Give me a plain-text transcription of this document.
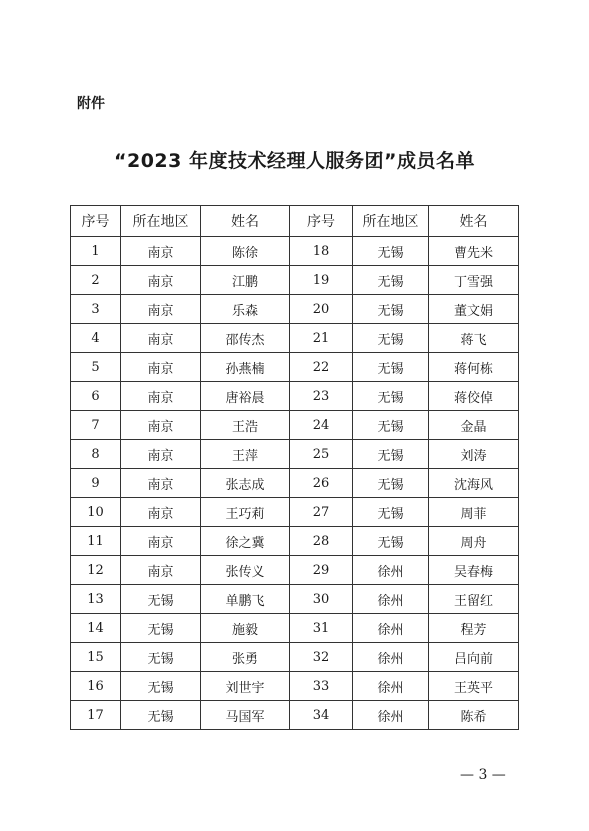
附件
“2023 年度技术经理人服务团”成员名单
序号	所在地区	姓名	序号	所在地区	姓名
1	南京	陈徐	18	无锡	曹先米
2	南京	江鹏	19	无锡	丁雪强
3	南京	乐森	20	无锡	董文娟
4	南京	邵传杰	21	无锡	蒋飞
5	南京	孙燕楠	22	无锡	蒋何栋
6	南京	唐裕晨	23	无锡	蒋佼倬
7	南京	王浩	24	无锡	金晶
8	南京	王萍	25	无锡	刘涛
9	南京	张志成	26	无锡	沈海风
10	南京	王巧莉	27	无锡	周菲
11	南京	徐之冀	28	无锡	周舟
12	南京	张传义	29	徐州	吴春梅
13	无锡	单鹏飞	30	徐州	王留红
14	无锡	施毅	31	徐州	程芳
15	无锡	张勇	32	徐州	吕向前
16	无锡	刘世宇	33	徐州	王英平
17	无锡	马国军	34	徐州	陈希
— 3 —
